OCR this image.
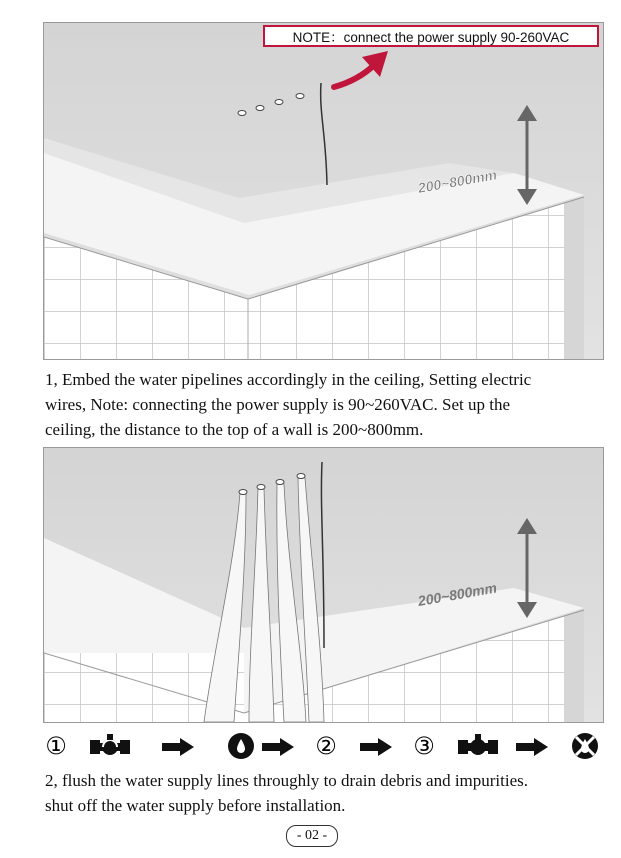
200~800mm
NOTE：connect the power supply 90-260VAC
1, Embed the water pipelines accordingly in the ceiling, Setting electric
wires, Note: connecting the power supply is 90~260VAC. Set up the
ceiling, the distance to the top of a wall is 200~800mm.
200~800mm
①	②	③
2, flush the water supply lines throughly to drain debris and impurities.
shut off the water supply before installation.
- 02 -
